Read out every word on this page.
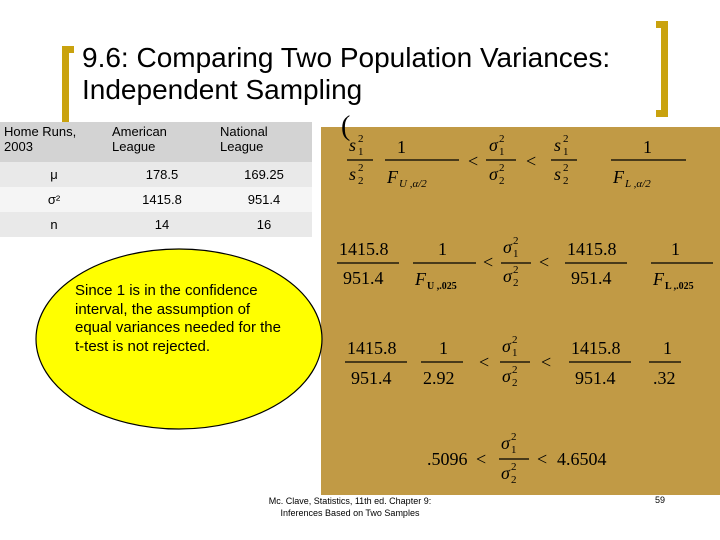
9.6: Comparing Two Population Variances: Independent Sampling
Home Runs, 2003	American League	National League
μ	178.5	169.25
σ²	1415.8	951.4
n	14	16
(
s 1
2
s 2
2
1
F U ,α/2
<
σ 1
2
σ 2
2 <
s 1
2
s 2
2
1
F L ,α/2
1415.8
951.4
1
F U ,.025
<
σ 1
2
σ 2
2 <
1415.8
951.4
1
F L ,.025
1415.8
951.4
1
2.92
<
σ 1
2
σ 2
2 <
1415.8
951.4
1
.32
.5096 <
σ 1
2
σ 2
2 < 4.6504
Since 1 is in the confidence interval, the assumption of equal variances needed for the t-test is not rejected.
Mc. Clave, Statistics, 11th ed. Chapter 9:
Inferences Based on Two Samples
59
